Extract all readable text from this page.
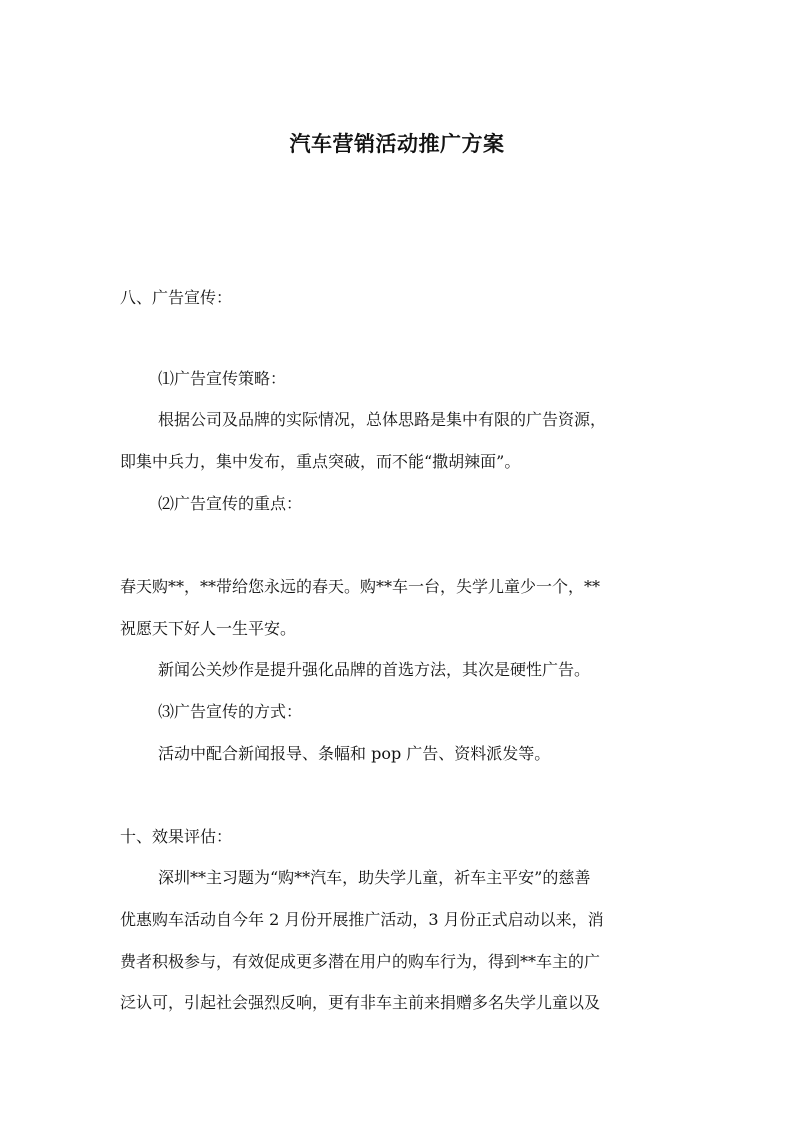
汽车营销活动推广方案

八、广告宣传：

⑴广告宣传策略：

根据公司及品牌的实际情况，总体思路是集中有限的广告资源，

即集中兵力，集中发布，重点突破，而不能“撒胡辣面”。

⑵广告宣传的重点：

春天购**，**带给您永远的春天。购**车一台，失学儿童少一个，**

祝愿天下好人一生平安。

新闻公关炒作是提升强化品牌的首选方法，其次是硬性广告。

⑶广告宣传的方式：

活动中配合新闻报导、条幅和 pop 广告、资料派发等。

十、效果评估：

深圳**主习题为“购**汽车，助失学儿童，祈车主平安”的慈善

优惠购车活动自今年 2 月份开展推广活动，3 月份正式启动以来，消

费者积极参与，有效促成更多潜在用户的购车行为，得到**车主的广

泛认可，引起社会强烈反响，更有非车主前来捐赠多名失学儿童以及
